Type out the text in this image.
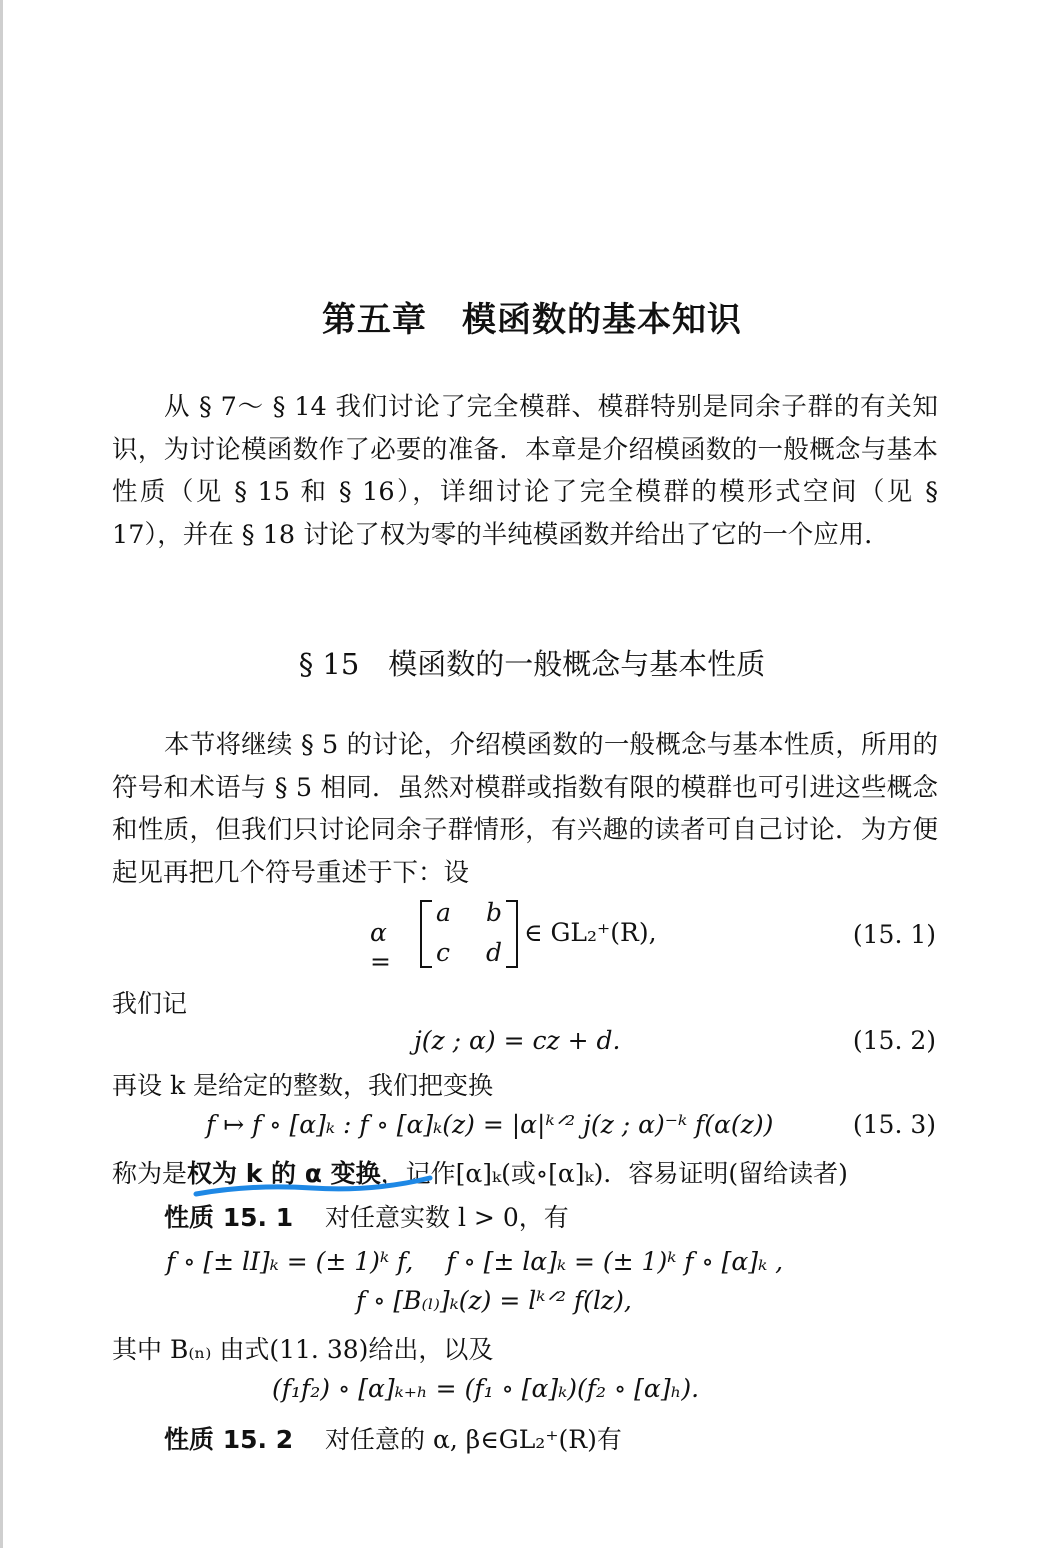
第五章　模函数的基本知识

从 § 7～ § 14 我们讨论了完全模群、模群特别是同余子群的有关知识，为讨论模函数作了必要的准备．本章是介绍模函数的一般概念与基本性质（见 § 15 和 § 16），详细讨论了完全模群的模形式空间（见 § 17），并在 § 18 讨论了权为零的半纯模函数并给出了它的一个应用．

§ 15　模函数的一般概念与基本性质

本节将继续 § 5 的讨论，介绍模函数的一般概念与基本性质，所用的符号和术语与 § 5 相同．虽然对模群或指数有限的模群也可引进这些概念和性质，但我们只讨论同余子群情形，有兴趣的读者可自己讨论．为方便起见再把几个符号重述于下：设

α =
a b
c d
∈ GL₂⁺(R),	(15. 1)
我们记
j(z ; α) = cz + d.	(15. 2)
再设 k 是给定的整数，我们把变换
f ↦ f ∘ [α]ₖ : f ∘ [α]ₖ(z) = |α|ᵏᐟ² j(z ; α)⁻ᵏ f(α(z))	(15. 3)
称为是权为 k 的 α 变换，记作[α]ₖ(或∘[α]ₖ)．容易证明(留给读者)
性质 15. 1 对任意实数 l > 0，有
f ∘ [± lI]ₖ = (± 1)ᵏ f,　 f ∘ [± lα]ₖ = (± 1)ᵏ f ∘ [α]ₖ ,
f ∘ [B₍ₗ₎]ₖ(z) = lᵏᐟ² f(lz),
其中 B₍ₙ₎ 由式(11. 38)给出，以及
(f₁f₂) ∘ [α]ₖ₊ₕ = (f₁ ∘ [α]ₖ)(f₂ ∘ [α]ₕ).
性质 15. 2 对任意的 α, β∈GL₂⁺(R)有
